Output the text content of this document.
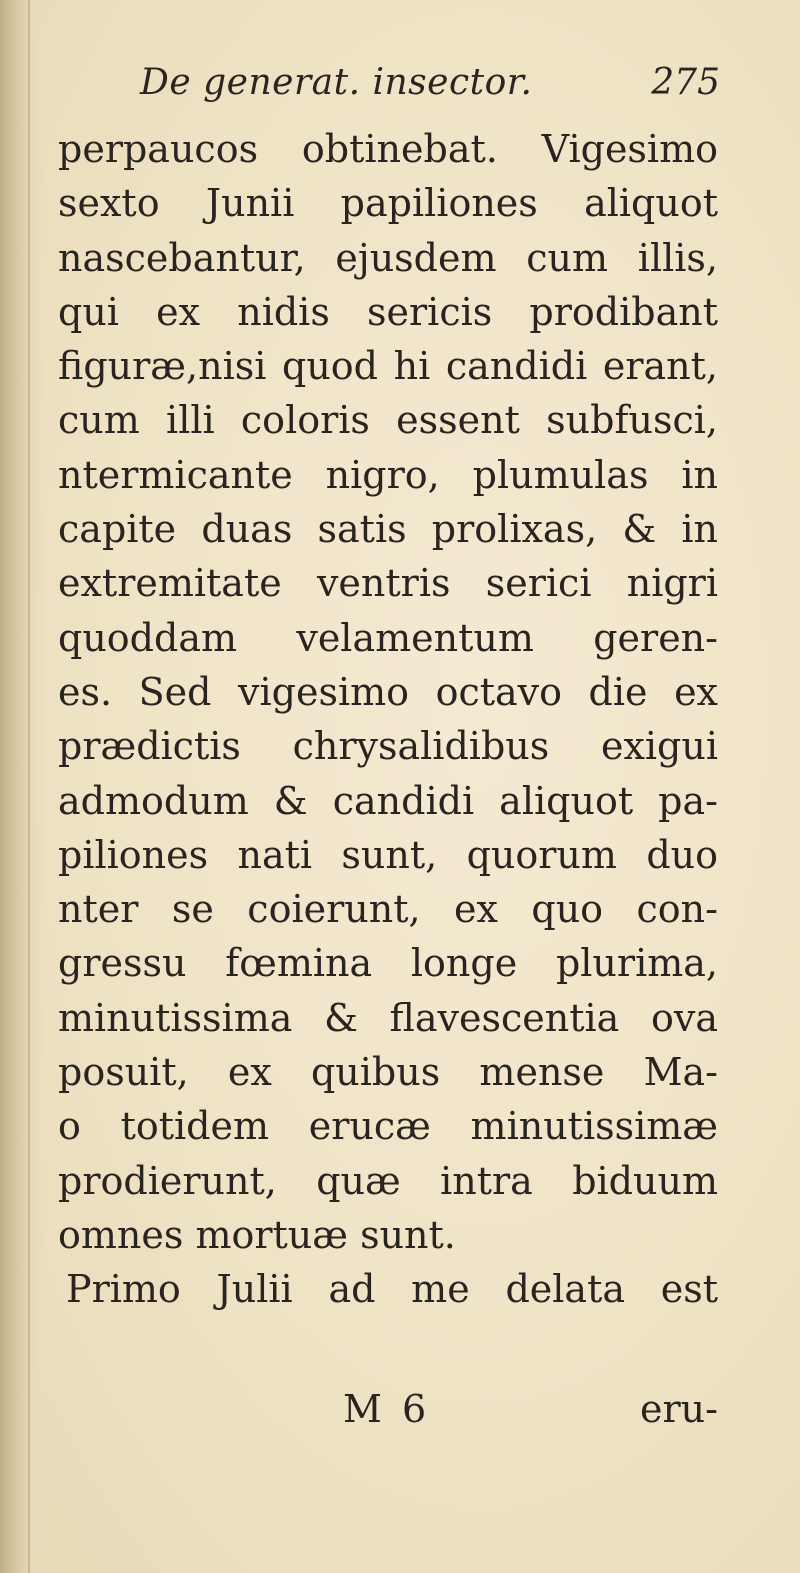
De generat. insector.	275
perpaucos obtinebat. Vigesimo
sexto Junii papiliones aliquot
nascebantur, ejusdem cum illis,
qui ex nidis sericis prodibant
figuræ,nisi quod hi candidi erant,
cum illi coloris essent subfusci,
ntermicante nigro, plumulas in
capite duas satis prolixas, & in
extremitate ventris serici nigri
quoddam velamentum geren-
es. Sed vigesimo octavo die ex
prædictis chrysalidibus exigui
admodum & candidi aliquot pa-
piliones nati sunt, quorum duo
nter se coierunt, ex quo con-
gressu fœmina longe plurima,
minutissima & flavescentia ova
posuit, ex quibus mense Ma-
o totidem erucæ minutissimæ
prodierunt, quæ intra biduum
omnes mortuæ sunt.
Primo Julii ad me delata est
M 6	eru-
